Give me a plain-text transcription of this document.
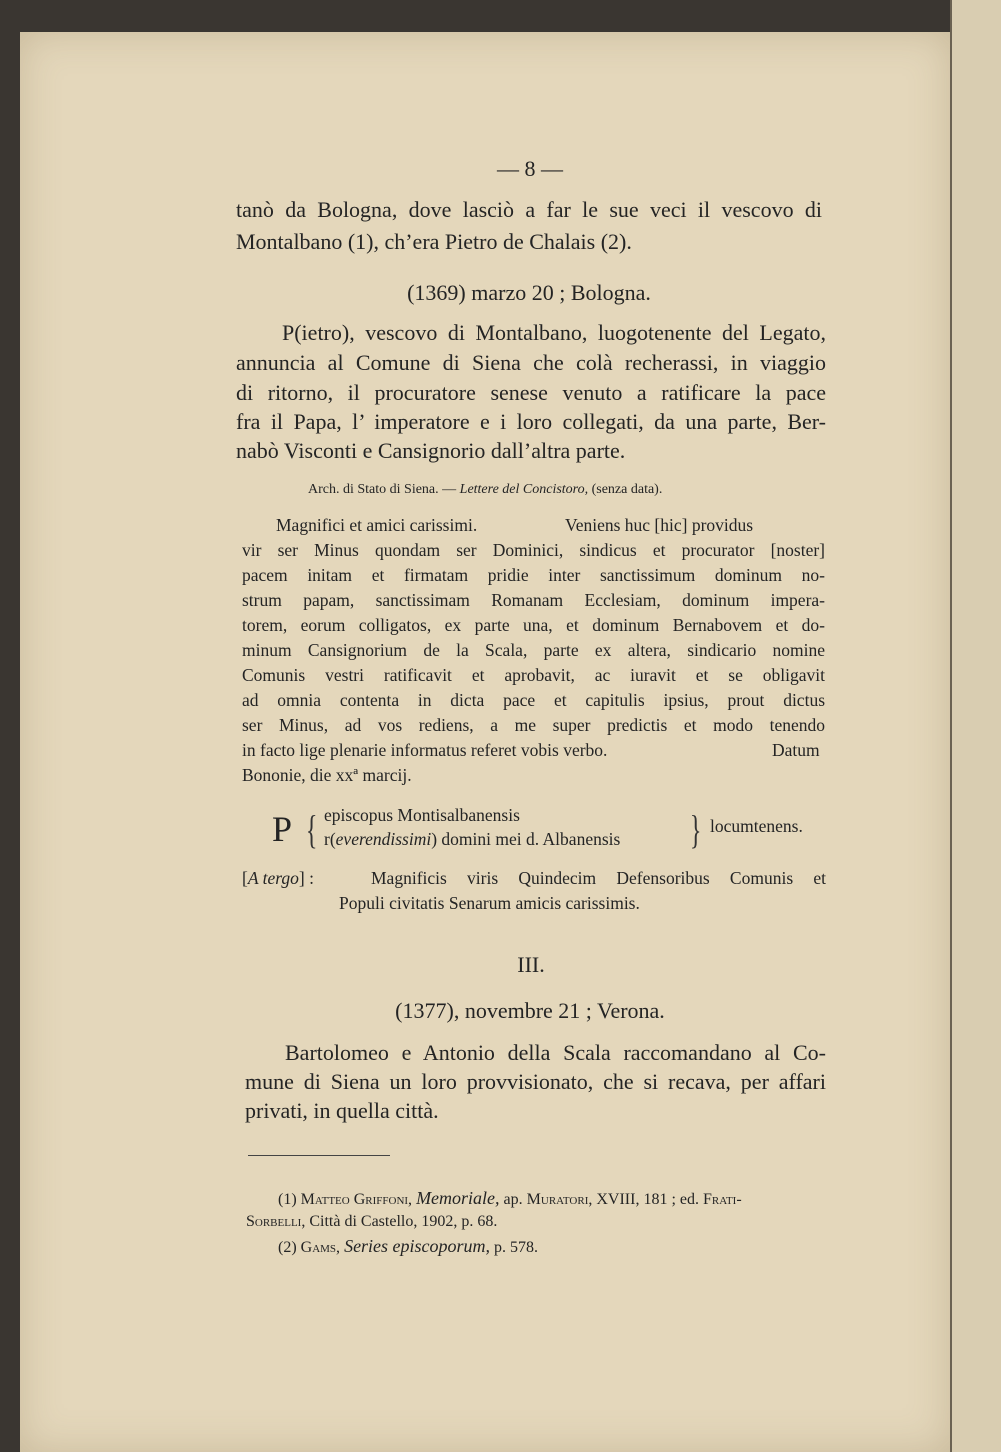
— 8 —
tanò da Bologna, dove lasciò a far le sue veci il vescovo di
Montalbano (1), ch’era Pietro de Chalais (2).
(1369) marzo 20 ; Bologna.
P(ietro), vescovo di Montalbano, luogotenente del Legato,
annuncia al Comune di Siena che colà recherassi, in viaggio
di ritorno, il procuratore senese venuto a ratificare la pace
fra il Papa, l’ imperatore e i loro collegati, da una parte, Ber-
nabò Visconti e Cansignorio dall’altra parte.
Arch. di Stato di Siena. — Lettere del Concistoro, (senza data).
Magnifici et amici carissimi.	Veniens huc [hic] providus
vir ser Minus quondam ser Dominici, sindicus et procurator [noster]
pacem initam et firmatam pridie inter sanctissimum dominum no-
strum papam, sanctissimam Romanam Ecclesiam, dominum impera-
torem, eorum colligatos, ex parte una, et dominum Bernabovem et do-
minum Cansignorium de la Scala, parte ex altera, sindicario nomine
Comunis vestri ratificavit et aprobavit, ac iuravit et se obligavit
ad omnia contenta in dicta pace et capitulis ipsius, prout dictus
ser Minus, ad vos rediens, a me super predictis et modo tenendo
in facto lige plenarie informatus referet vobis verbo.	Datum
Bononie, die xxª marcij.
P { episcopus Montisalbanensis
r(everendissimi) domini mei d. Albanensis } locumtenens.
[A tergo] :	Magnificis viris Quindecim Defensoribus Comunis et
Populi civitatis Senarum amicis carissimis.
III.
(1377), novembre 21 ; Verona.
Bartolomeo e Antonio della Scala raccomandano al Co-
mune di Siena un loro provvisionato, che si recava, per affari
privati, in quella città.
(1) Matteo Griffoni, Memoriale, ap. Muratori, XVIII, 181 ; ed. Frati-
Sorbelli, Città di Castello, 1902, p. 68.
(2) Gams, Series episcoporum, p. 578.
